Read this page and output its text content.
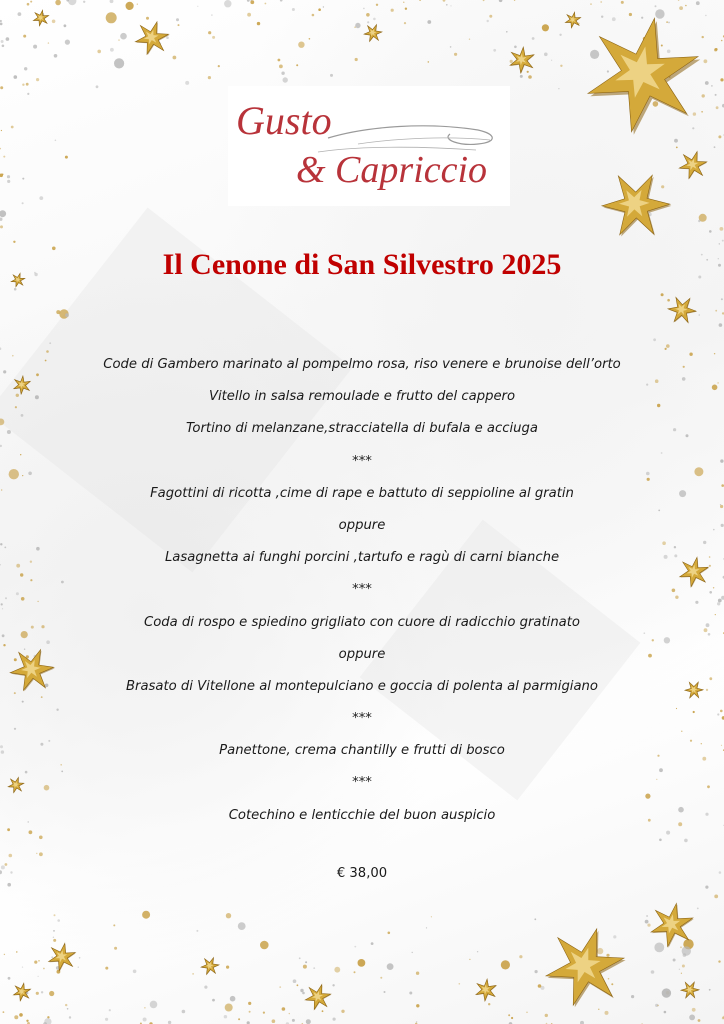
Gusto
& Capriccio
Il Cenone di San Silvestro 2025
Code di Gambero marinato al pompelmo rosa, riso venere e brunoise dell’orto
Vitello in salsa remoulade e frutto del cappero
Tortino di melanzane,stracciatella di bufala e acciuga
***
Fagottini di ricotta ,cime di rape e battuto di seppioline al gratin
oppure
Lasagnetta ai funghi porcini ,tartufo e ragù di carni bianche
***
Coda di rospo e spiedino grigliato con cuore di radicchio gratinato
oppure
Brasato di Vitellone al montepulciano e goccia di polenta al parmigiano
***
Panettone, crema chantilly e frutti di bosco
***
Cotechino e lenticchie del buon auspicio
€ 38,00
